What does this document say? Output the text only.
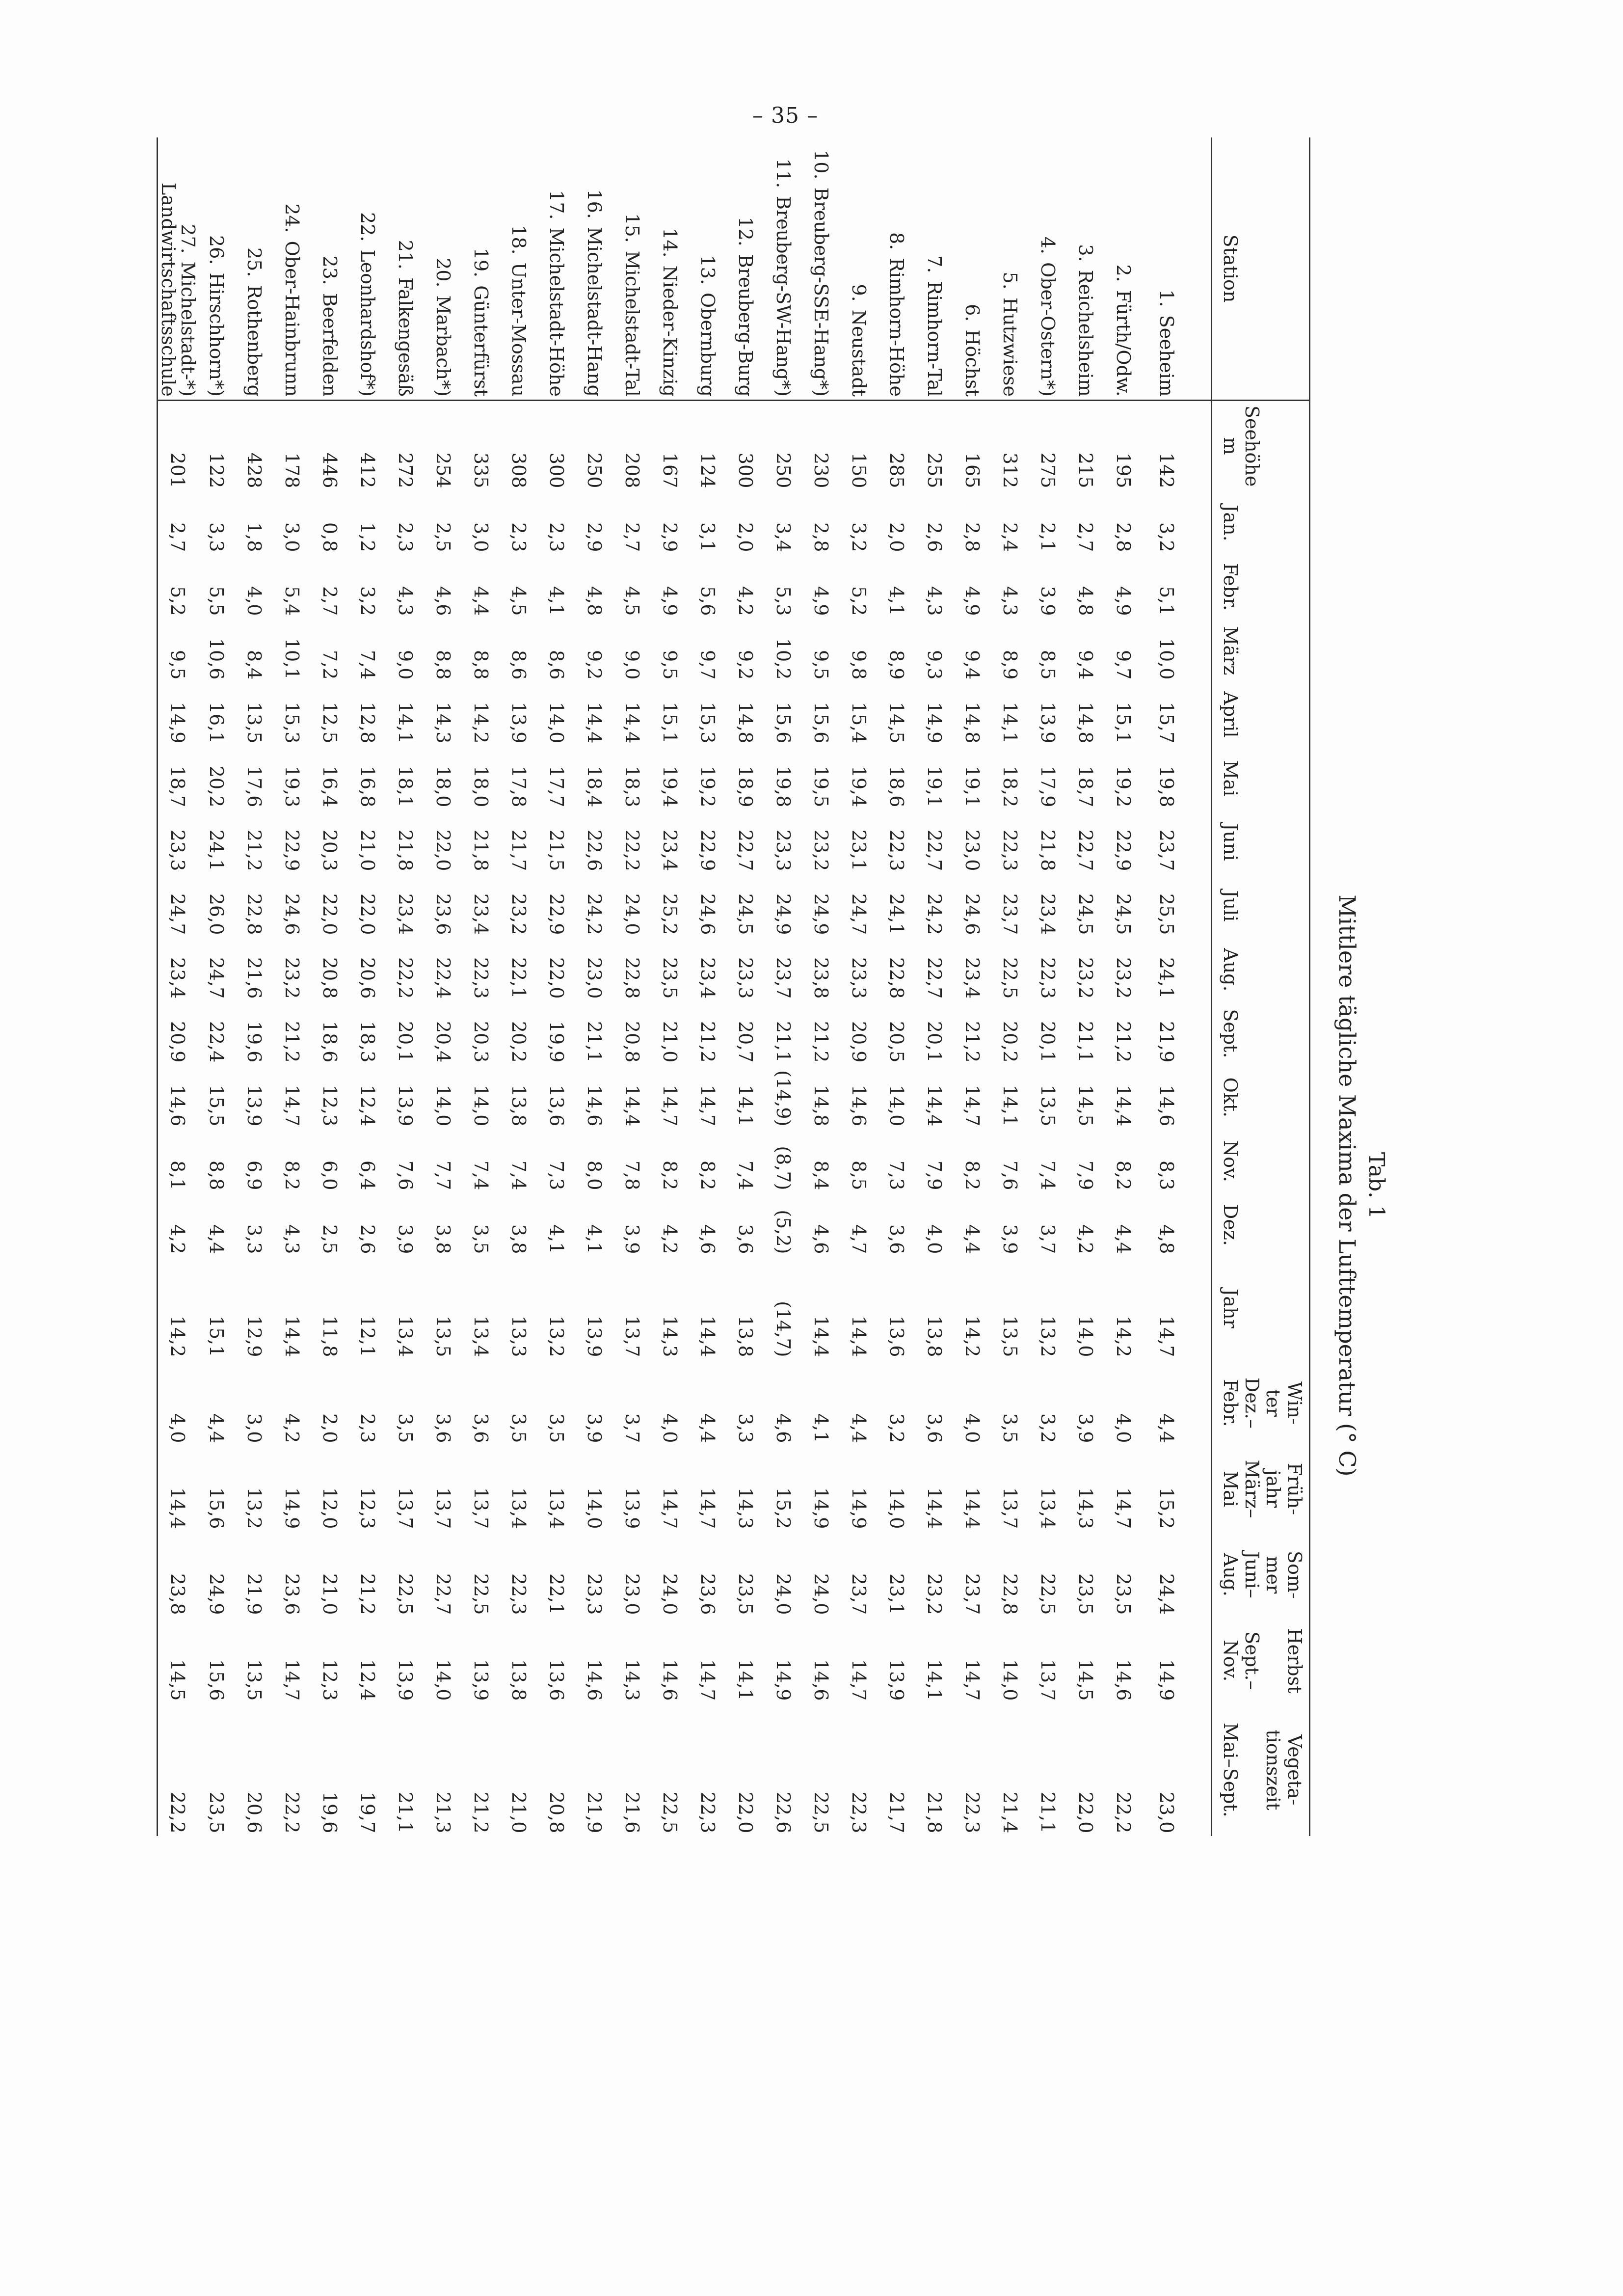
– 35 –
Tab. 1
Mittlere tägliche Maxima der Lufttemperatur (° C)
Station	Seehöhe
m	Jan.	Febr.	März	April	Mai	Juni	Juli	Aug.	Sept.	Okt.	Nov.	Dez.	Jahr	Win-
ter
Dez.–
Febr.	Früh-
jahr
März–
Mai	Som-
mer
Juni–
Aug.	Herbst

Sept.–
Nov.	Vegeta-
tionszeit

Mai–Sept.
1.Seeheim	142	3,2	5,1	10,0	15,7	19,8	23,7	25,5	24,1	21,9	14,6	8,3	4,8	14,7	4,4	15,2	24,4	14,9	23,0
2.Fürth/Odw.	195	2,8	4,9	9,7	15,1	19,2	22,9	24,5	23,2	21,2	14,4	8,2	4,4	14,2	4,0	14,7	23,5	14,6	22,2
3.Reichelsheim	215	2,7	4,8	9,4	14,8	18,7	22,7	24,5	23,2	21,1	14,5	7,9	4,2	14,0	3,9	14,3	23,5	14,5	22,0
4.Ober-Ostern*)	275	2,1	3,9	8,5	13,9	17,9	21,8	23,4	22,3	20,1	13,5	7,4	3,7	13,2	3,2	13,4	22,5	13,7	21,1
5.Hutzwiese	312	2,4	4,3	8,9	14,1	18,2	22,3	23,7	22,5	20,2	14,1	7,6	3,9	13,5	3,5	13,7	22,8	14,0	21,4
6.Höchst	165	2,8	4,9	9,4	14,8	19,1	23,0	24,6	23,4	21,2	14,7	8,2	4,4	14,2	4,0	14,4	23,7	14,7	22,3
7.Rimhorn-Tal	255	2,6	4,3	9,3	14,9	19,1	22,7	24,2	22,7	20,1	14,4	7,9	4,0	13,8	3,6	14,4	23,2	14,1	21,8
8.Rimhorn-Höhe	285	2,0	4,1	8,9	14,5	18,6	22,3	24,1	22,8	20,5	14,0	7,3	3,6	13,6	3,2	14,0	23,1	13,9	21,7
9.Neustadt	150	3,2	5,2	9,8	15,4	19,4	23,1	24,7	23,3	20,9	14,6	8,5	4,7	14,4	4,4	14,9	23,7	14,7	22,3
10.Breuberg-SSE-Hang*)	230	2,8	4,9	9,5	15,6	19,5	23,2	24,9	23,8	21,2	14,8	8,4	4,6	14,4	4,1	14,9	24,0	14,6	22,5
11.Breuberg-SW-Hang*)	250	3,4	5,3	10,2	15,6	19,8	23,3	24,9	23,7	21,1	(14,9)	(8,7)	(5,2)	(14,7)	4,6	15,2	24,0	14,9	22,6
12.Breuberg-Burg	300	2,0	4,2	9,2	14,8	18,9	22,7	24,5	23,3	20,7	14,1	7,4	3,6	13,8	3,3	14,3	23,5	14,1	22,0
13.Obernburg	124	3,1	5,6	9,7	15,3	19,2	22,9	24,6	23,4	21,2	14,7	8,2	4,6	14,4	4,4	14,7	23,6	14,7	22,3
14.Nieder-Kinzig	167	2,9	4,9	9,5	15,1	19,4	23,4	25,2	23,5	21,0	14,7	8,2	4,2	14,3	4,0	14,7	24,0	14,6	22,5
15.Michelstadt-Tal	208	2,7	4,5	9,0	14,4	18,3	22,2	24,0	22,8	20,8	14,4	7,8	3,9	13,7	3,7	13,9	23,0	14,3	21,6
16.Michelstadt-Hang	250	2,9	4,8	9,2	14,4	18,4	22,6	24,2	23,0	21,1	14,6	8,0	4,1	13,9	3,9	14,0	23,3	14,6	21,9
17.Michelstadt-Höhe	300	2,3	4,1	8,6	14,0	17,7	21,5	22,9	22,0	19,9	13,6	7,3	4,1	13,2	3,5	13,4	22,1	13,6	20,8
18.Unter-Mossau	308	2,3	4,5	8,6	13,9	17,8	21,7	23,2	22,1	20,2	13,8	7,4	3,8	13,3	3,5	13,4	22,3	13,8	21,0
19.Günterfürst	335	3,0	4,4	8,8	14,2	18,0	21,8	23,4	22,3	20,3	14,0	7,4	3,5	13,4	3,6	13,7	22,5	13,9	21,2
20.Marbach*)	254	2,5	4,6	8,8	14,3	18,0	22,0	23,6	22,4	20,4	14,0	7,7	3,8	13,5	3,6	13,7	22,7	14,0	21,3
21.Falkengesäß	272	2,3	4,3	9,0	14,1	18,1	21,8	23,4	22,2	20,1	13,9	7,6	3,9	13,4	3,5	13,7	22,5	13,9	21,1
22.Leonhardshof*)	412	1,2	3,2	7,4	12,8	16,8	21,0	22,0	20,6	18,3	12,4	6,4	2,6	12,1	2,3	12,3	21,2	12,4	19,7
23.Beerfelden	446	0,8	2,7	7,2	12,5	16,4	20,3	22,0	20,8	18,6	12,3	6,0	2,5	11,8	2,0	12,0	21,0	12,3	19,6
24.Ober-Hainbrunn	178	3,0	5,4	10,1	15,3	19,3	22,9	24,6	23,2	21,2	14,7	8,2	4,3	14,4	4,2	14,9	23,6	14,7	22,2
25.Rothenberg	428	1,8	4,0	8,4	13,5	17,6	21,2	22,8	21,6	19,6	13,9	6,9	3,3	12,9	3,0	13,2	21,9	13,5	20,6
26.Hirschhorn*)	122	3,3	5,5	10,6	16,1	20,2	24,1	26,0	24,7	22,4	15,5	8,8	4,4	15,1	4,4	15,6	24,9	15,6	23,5
27.Michelstadt-*)
Landwirtschaftsschule	201	2,7	5,2	9,5	14,9	18,7	23,3	24,7	23,4	20,9	14,6	8,1	4,2	14,2	4,0	14,4	23,8	14,5	22,2
